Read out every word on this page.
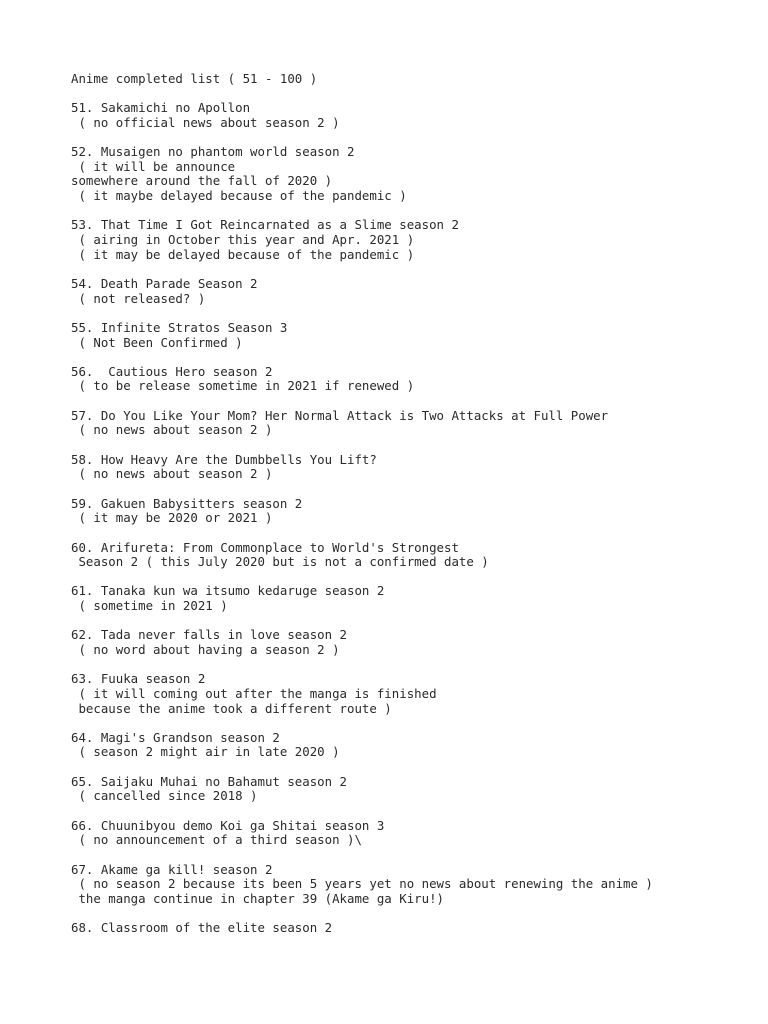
Anime completed list ( 51 - 100 )
51. Sakamichi no Apollon
( no official news about season 2 )
52. Musaigen no phantom world season 2
( it will be announce
somewhere around the fall of 2020 )
( it maybe delayed because of the pandemic )
53. That Time I Got Reincarnated as a Slime season 2
( airing in October this year and Apr. 2021 )
( it may be delayed because of the pandemic )
54. Death Parade Season 2
( not released? )
55. Infinite Stratos Season 3
( Not Been Confirmed )
56.  Cautious Hero season 2
( to be release sometime in 2021 if renewed )
57. Do You Like Your Mom? Her Normal Attack is Two Attacks at Full Power
( no news about season 2 )
58. How Heavy Are the Dumbbells You Lift?
( no news about season 2 )
59. Gakuen Babysitters season 2
( it may be 2020 or 2021 )
60. Arifureta: From Commonplace to World's Strongest
Season 2 ( this July 2020 but is not a confirmed date )
61. Tanaka kun wa itsumo kedaruge season 2
( sometime in 2021 )
62. Tada never falls in love season 2
( no word about having a season 2 )
63. Fuuka season 2
( it will coming out after the manga is finished
because the anime took a different route )
64. Magi's Grandson season 2
( season 2 might air in late 2020 )
65. Saijaku Muhai no Bahamut season 2
( cancelled since 2018 )
66. Chuunibyou demo Koi ga Shitai season 3
( no announcement of a third season )\
67. Akame ga kill! season 2
( no season 2 because its been 5 years yet no news about renewing the anime )
the manga continue in chapter 39 (Akame ga Kiru!)
68. Classroom of the elite season 2
